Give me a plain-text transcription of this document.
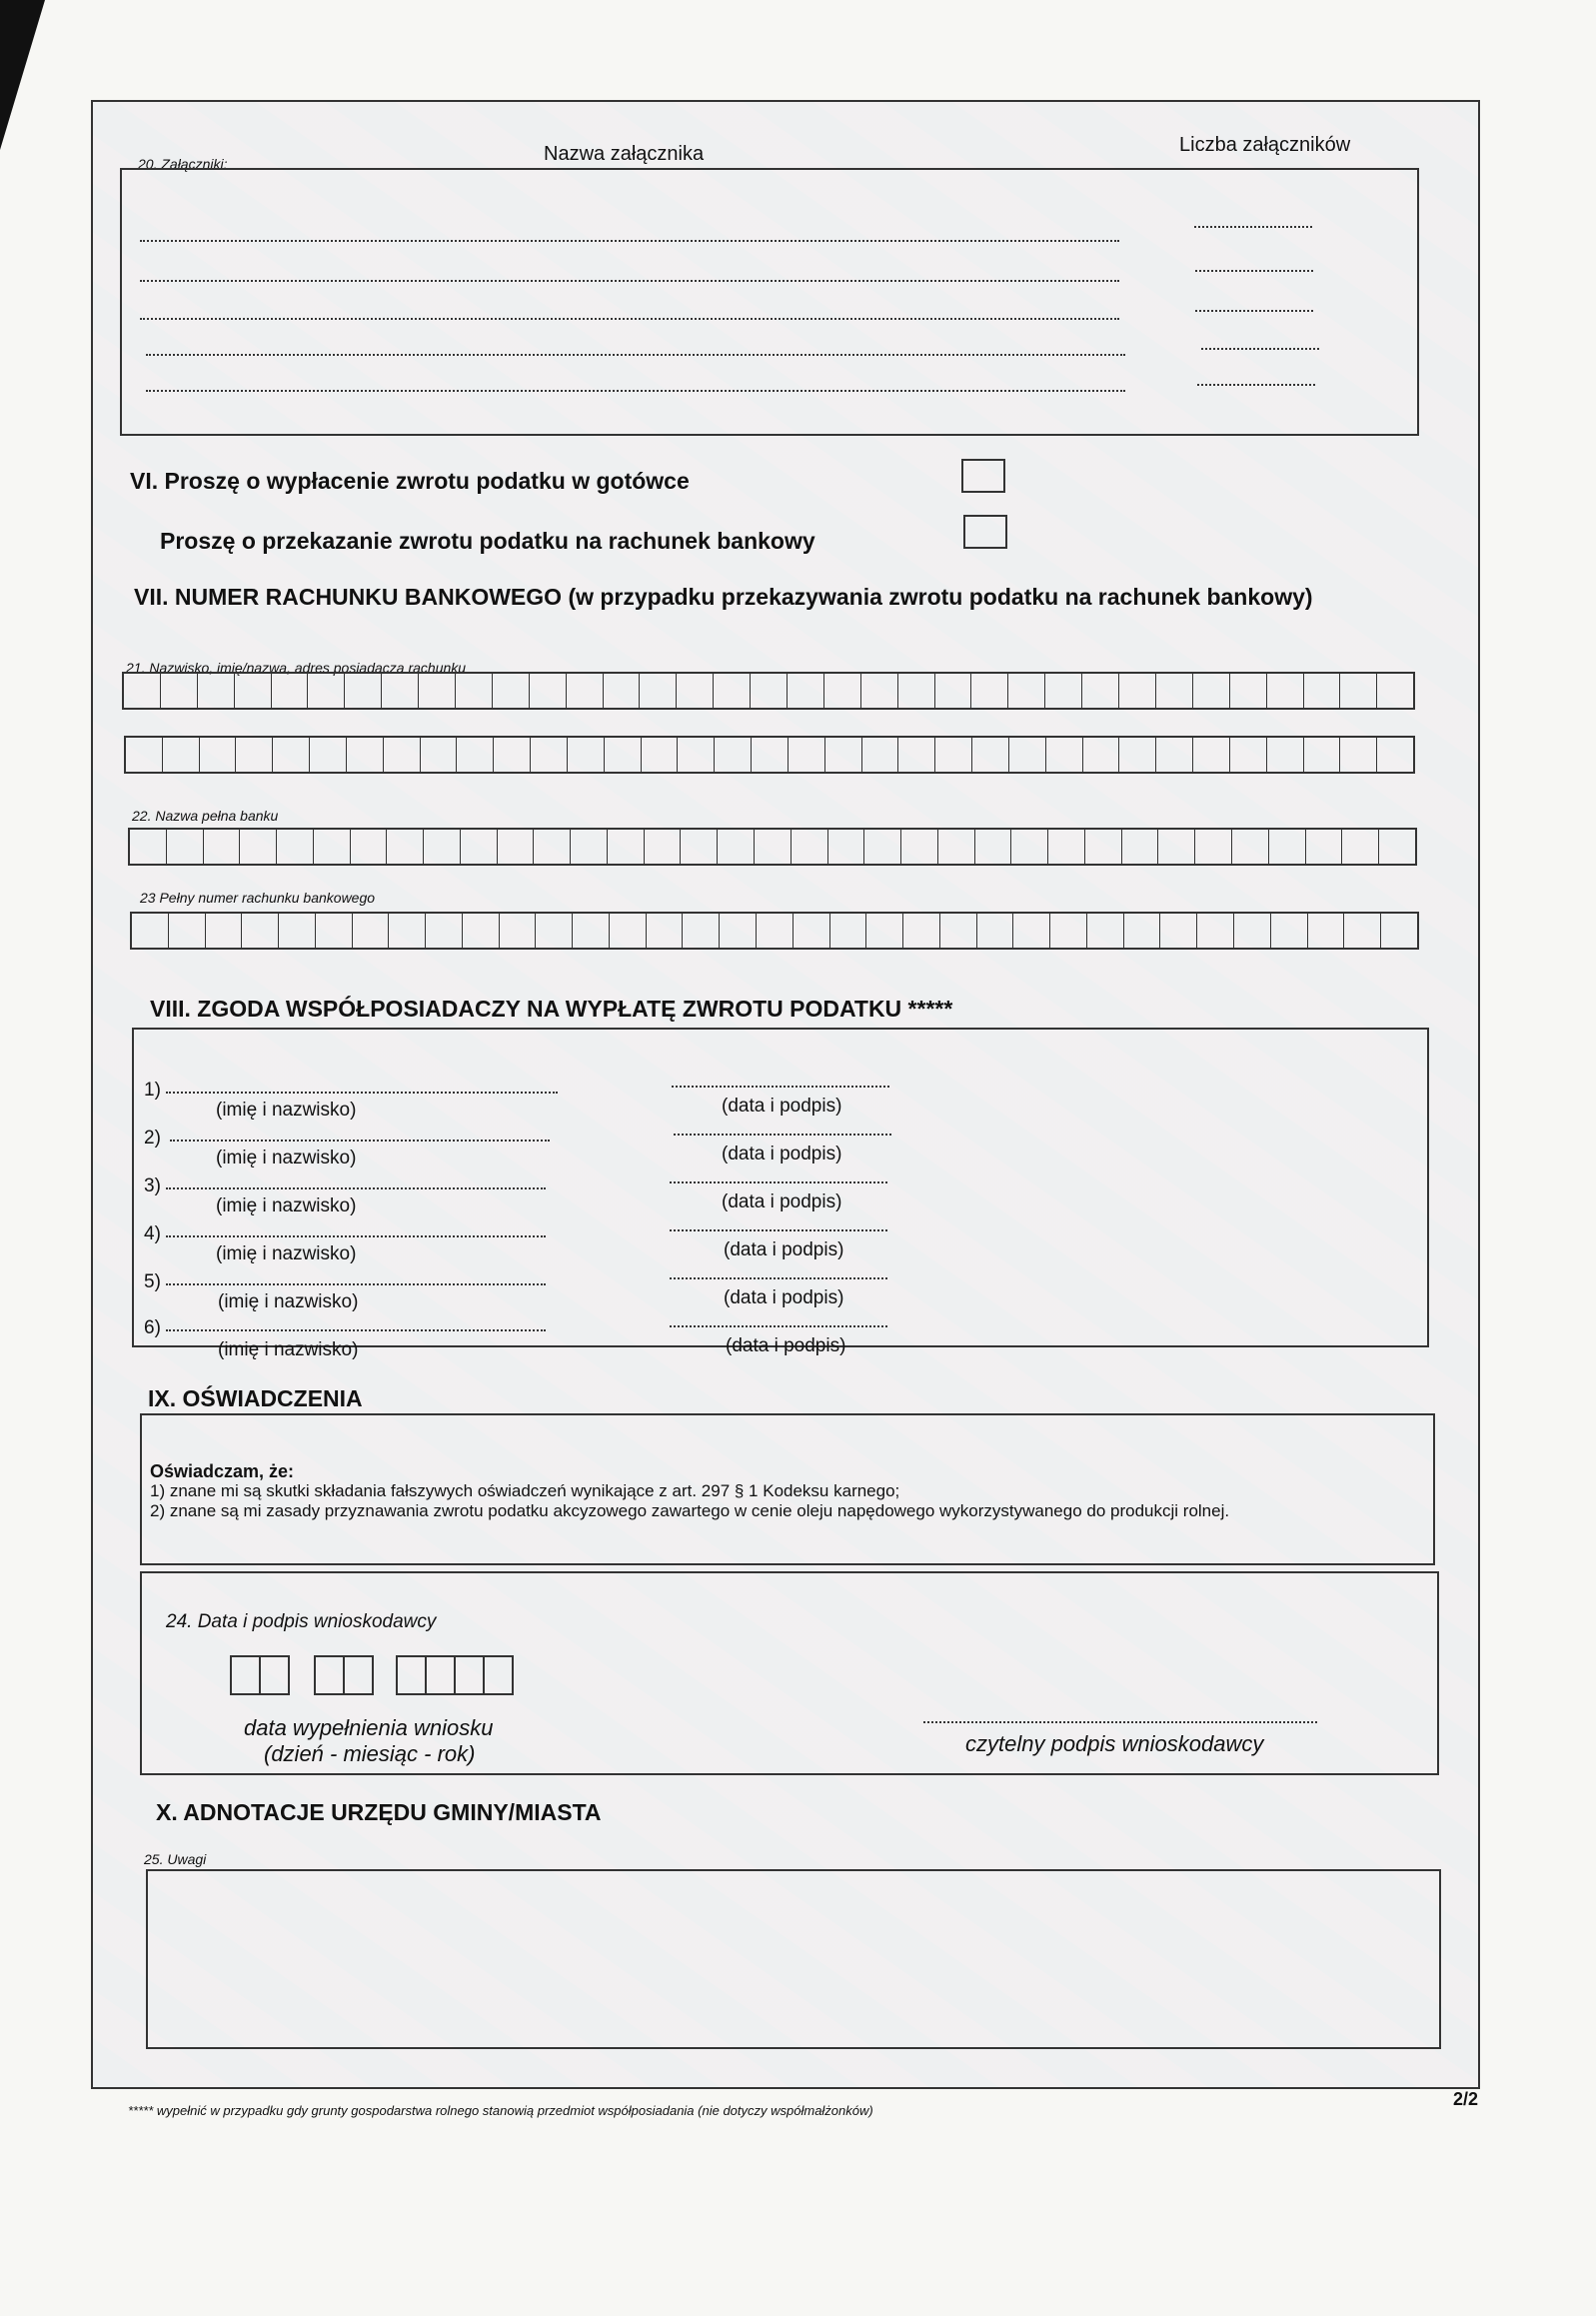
20. Załączniki:	Nazwa załącznika	Liczba załączników
VI. Proszę o wypłacenie zwrotu podatku w gotówce
Proszę o przekazanie zwrotu podatku na rachunek bankowy
VII. NUMER RACHUNKU BANKOWEGO (w przypadku przekazywania zwrotu podatku na rachunek bankowy)
21. Nazwisko, imię/nazwa, adres posiadacza rachunku
22. Nazwa pełna banku
23 Pełny numer rachunku bankowego
VIII. ZGODA WSPÓŁPOSIADACZY NA WYPŁATĘ ZWROTU PODATKU *****
1)
(imię i nazwisko)	(data i podpis)
2)
(imię i nazwisko)	(data i podpis)
3)
(imię i nazwisko)	(data i podpis)
4)
(imię i nazwisko)	(data i podpis)
5)
(imię i nazwisko)	(data i podpis)
6)
(imię i nazwisko)	(data i podpis)
IX. OŚWIADCZENIA
Oświadczam, że:
1) znane mi są skutki składania fałszywych oświadczeń wynikające z art. 297 § 1 Kodeksu karnego;
2) znane są mi zasady przyznawania zwrotu podatku akcyzowego zawartego w cenie oleju napędowego wykorzystywanego do produkcji rolnej.
24. Data i podpis wnioskodawcy
data wypełnienia wniosku
(dzień - miesiąc - rok)	czytelny podpis wnioskodawcy
X. ADNOTACJE URZĘDU GMINY/MIASTA
25. Uwagi
***** wypełnić w przypadku gdy grunty gospodarstwa rolnego stanowią przedmiot współposiadania (nie dotyczy współmałżonków)
2/2
